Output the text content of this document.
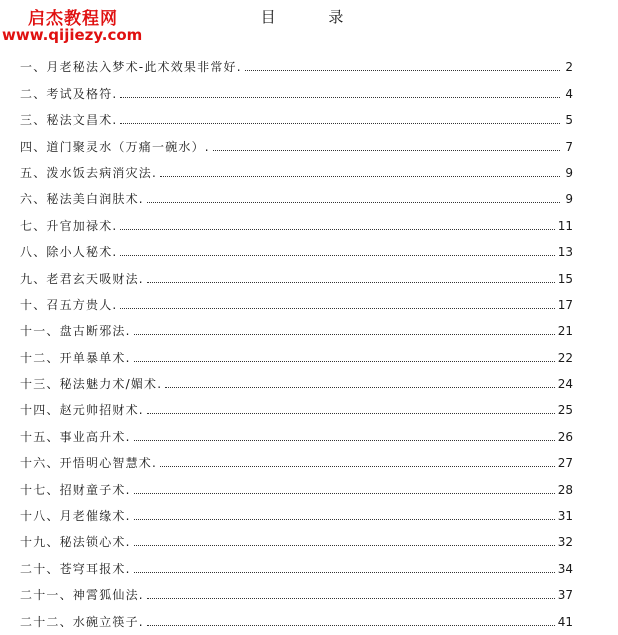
启杰教程网
www.qijiezy.com
目 录
一、月老秘法入梦术-此术效果非常好.	2
二、考试及格符.	4
三、秘法文昌术.	5
四、道门聚灵水（万痛一碗水）.	7
五、泼水饭去病消灾法.	9
六、秘法美白润肤术.	9
七、升官加禄术.	11
八、除小人秘术.	13
九、老君玄天吸财法.	15
十、召五方贵人.	17
十一、盘古断邪法.	21
十二、开单暴单术.	22
十三、秘法魅力术/媚术.	24
十四、赵元帅招财术.	25
十五、事业高升术.	26
十六、开悟明心智慧术.	27
十七、招财童子术.	28
十八、月老催缘术.	31
十九、秘法锁心术.	32
二十、苍穹耳报术.	34
二十一、神霄狐仙法.	37
二十二、水碗立筷子.	41
